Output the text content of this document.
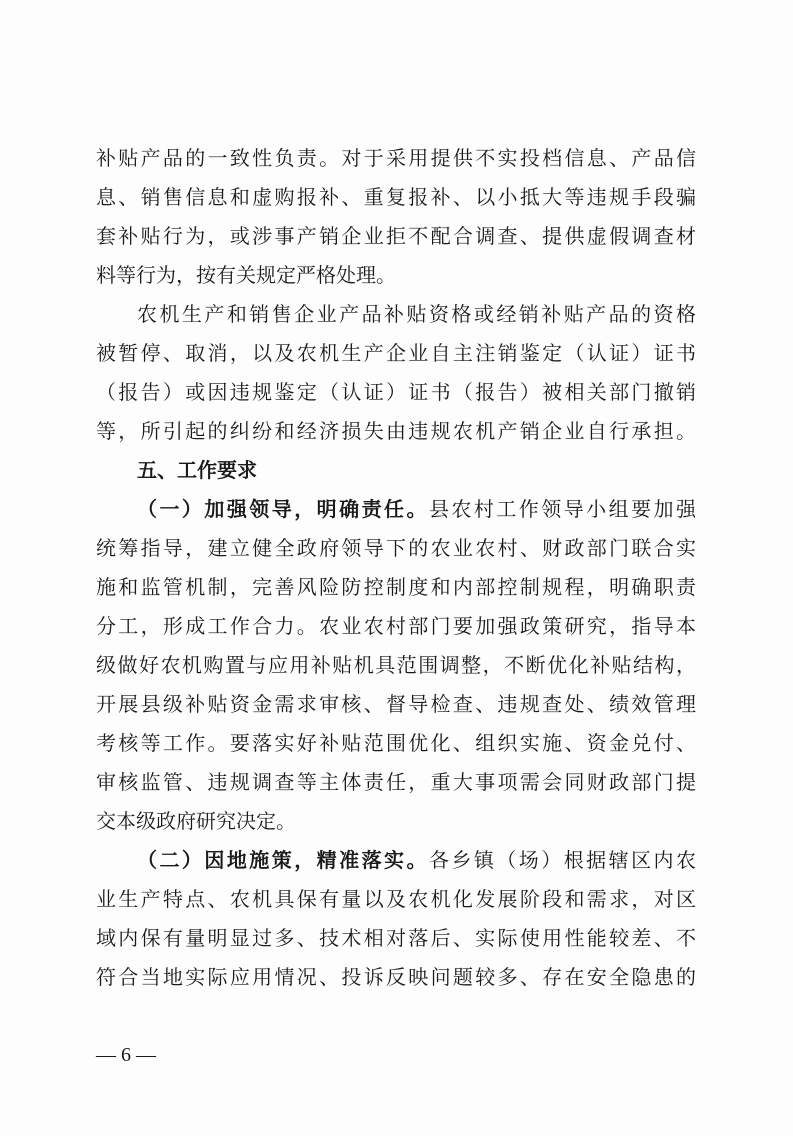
补贴产品的一致性负责。对于采用提供不实投档信息、产品信
息、销售信息和虚购报补、重复报补、以小抵大等违规手段骗
套补贴行为，或涉事产销企业拒不配合调查、提供虚假调查材
料等行为，按有关规定严格处理。

农机生产和销售企业产品补贴资格或经销补贴产品的资格
被暂停、取消，以及农机生产企业自主注销鉴定（认证）证书
（报告）或因违规鉴定（认证）证书（报告）被相关部门撤销
等，所引起的纠纷和经济损失由违规农机产销企业自行承担。

五、工作要求

（一）加强领导，明确责任。县农村工作领导小组要加强
统筹指导，建立健全政府领导下的农业农村、财政部门联合实
施和监管机制，完善风险防控制度和内部控制规程，明确职责
分工，形成工作合力。农业农村部门要加强政策研究，指导本
级做好农机购置与应用补贴机具范围调整，不断优化补贴结构，
开展县级补贴资金需求审核、督导检查、违规查处、绩效管理
考核等工作。要落实好补贴范围优化、组织实施、资金兑付、
审核监管、违规调查等主体责任，重大事项需会同财政部门提
交本级政府研究决定。

（二）因地施策，精准落实。各乡镇（场）根据辖区内农
业生产特点、农机具保有量以及农机化发展阶段和需求，对区
域内保有量明显过多、技术相对落后、实际使用性能较差、不
符合当地实际应用情况、投诉反映问题较多、存在安全隐患的

— 6 —
